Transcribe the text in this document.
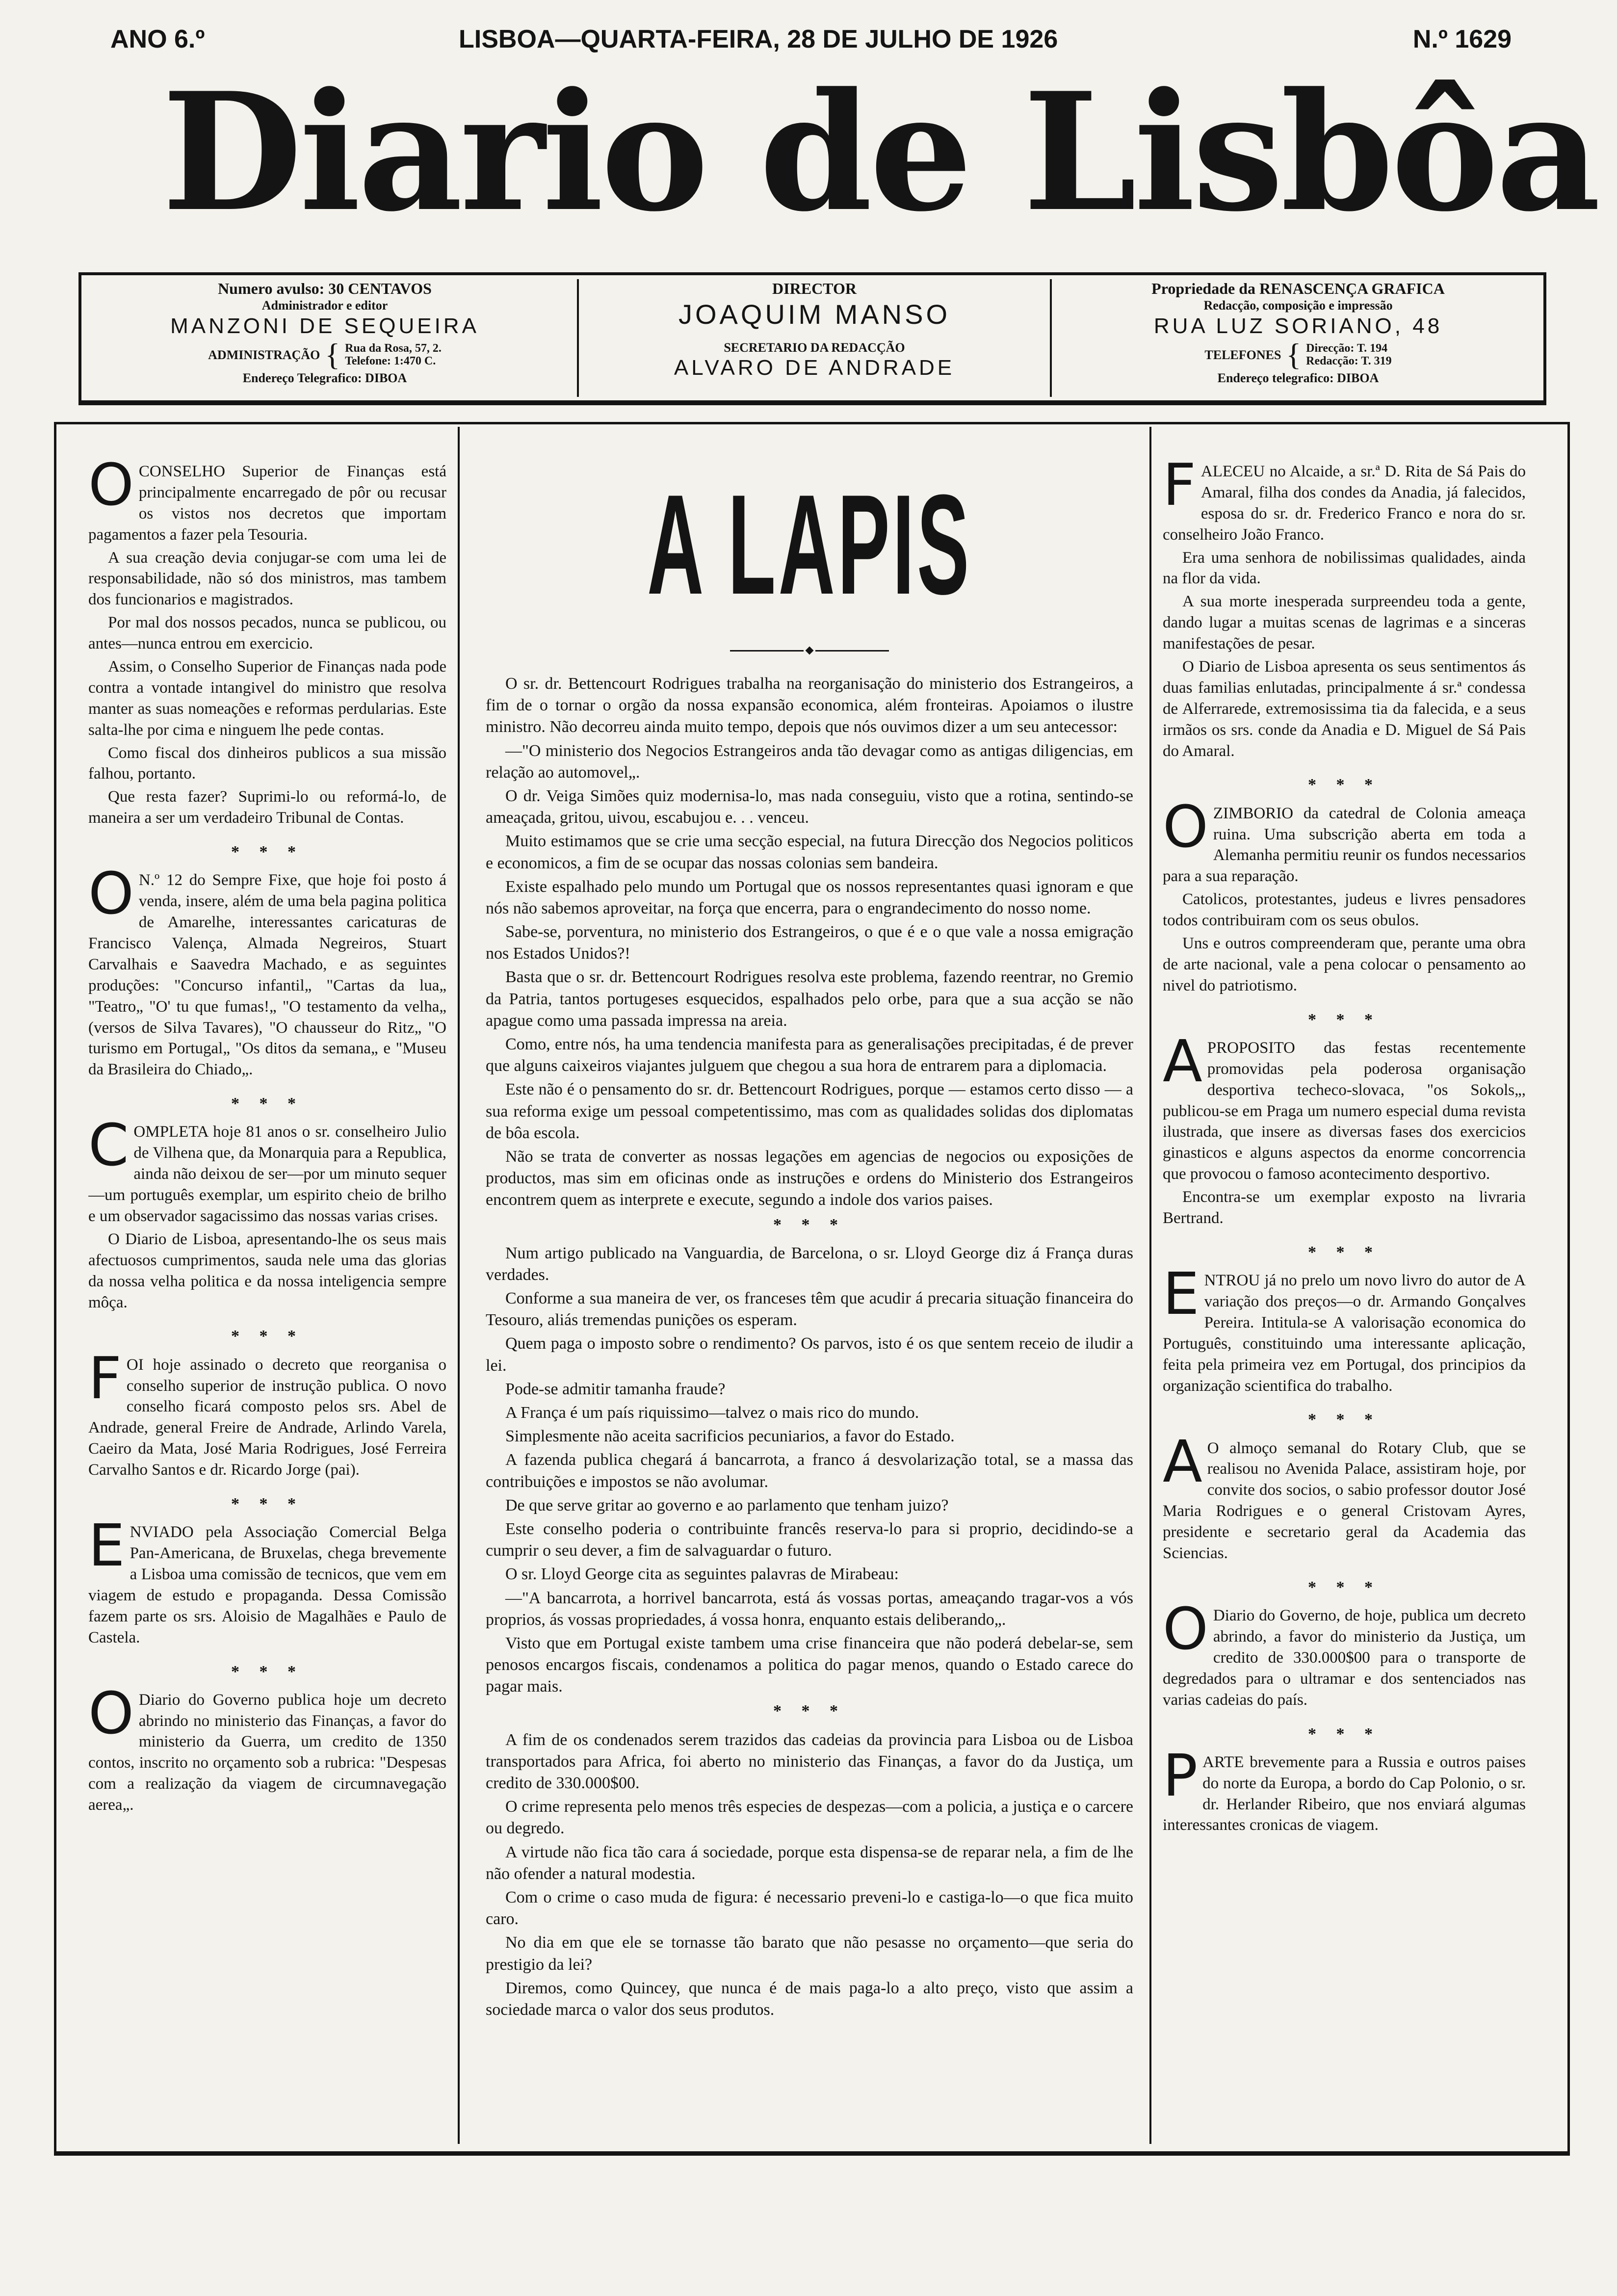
ANO 6.º	LISBOA—QUARTA-FEIRA, 28 DE JULHO DE 1926	N.º 1629
Diario de Lisbôa
Numero avulso: 30 CENTAVOS
Administrador e editor
MANZONI DE SEQUEIRA
ADMINISTRAÇÃO { Rua da Rosa, 57, 2.
Telefone: 1:470 C.
Endereço Telegrafico: DIBOA
DIRECTOR
JOAQUIM MANSO
SECRETARIO DA REDACÇÃO
ALVARO DE ANDRADE
Propriedade da RENASCENÇA GRAFICA
Redacção, composição e impressão
RUA LUZ SORIANO, 48
TELEFONES { Direcção: T. 194
Redacção: T. 319
Endereço telegrafico: DIBOA
O CONSELHO Superior de Finanças está principalmente encarregado de pôr ou recusar os vistos nos decretos que importam pagamentos a fazer pela Tesouria.

A sua creação devia conjugar-se com uma lei de responsabilidade, não só dos ministros, mas tambem dos funcionarios e magistrados.

Por mal dos nossos pecados, nunca se publicou, ou antes—nunca entrou em exercicio.

Assim, o Conselho Superior de Finanças nada pode contra a vontade intangivel do ministro que resolva manter as suas nomeações e reformas perdularias. Este salta-lhe por cima e ninguem lhe pede contas.

Como fiscal dos dinheiros publicos a sua missão falhou, portanto.

Que resta fazer? Suprimi-lo ou reformá-lo, de maneira a ser um verdadeiro Tribunal de Contas.

* * *
O N.º 12 do Sempre Fixe, que hoje foi posto á venda, insere, além de uma bela pagina politica de Amarelhe, interessantes caricaturas de Francisco Valença, Almada Negreiros, Stuart Carvalhais e Saavedra Machado, e as seguintes produções: "Concurso infantil„ "Cartas da lua„ "Teatro„ "O' tu que fumas!„ "O testamento da velha„ (versos de Silva Tavares), "O chausseur do Ritz„ "O turismo em Portugal„ "Os ditos da semana„ e "Museu da Brasileira do Chiado„.

* * *
C OMPLETA hoje 81 anos o sr. conselheiro Julio de Vilhena que, da Monarquia para a Republica, ainda não deixou de ser—por um minuto sequer—um português exemplar, um espirito cheio de brilho e um observador sagacissimo das nossas varias crises.

O Diario de Lisboa, apresentando-lhe os seus mais afectuosos cumprimentos, sauda nele uma das glorias da nossa velha politica e da nossa inteligencia sempre môça.

* * *
F OI hoje assinado o decreto que reorganisa o conselho superior de instrução publica. O novo conselho ficará composto pelos srs. Abel de Andrade, general Freire de Andrade, Arlindo Varela, Caeiro da Mata, José Maria Rodrigues, José Ferreira Carvalho Santos e dr. Ricardo Jorge (pai).

* * *
E NVIADO pela Associação Comercial Belga Pan-Americana, de Bruxelas, chega brevemente a Lisboa uma comissão de tecnicos, que vem em viagem de estudo e propaganda. Dessa Comissão fazem parte os srs. Aloisio de Magalhães e Paulo de Castela.

* * *
O Diario do Governo publica hoje um decreto abrindo no ministerio das Finanças, a favor do ministerio da Guerra, um credito de 1350 contos, inscrito no orçamento sob a rubrica: "Despesas com a realização da viagem de circumnavegação aerea„.

A LAPIS

O sr. dr. Bettencourt Rodrigues trabalha na reorganisação do ministerio dos Estrangeiros, a fim de o tornar o orgão da nossa expansão economica, além fronteiras. Apoiamos o ilustre ministro. Não decorreu ainda muito tempo, depois que nós ouvimos dizer a um seu antecessor:

—"O ministerio dos Negocios Estrangeiros anda tão devagar como as antigas diligencias, em relação ao automovel„.

O dr. Veiga Simões quiz modernisa-lo, mas nada conseguiu, visto que a rotina, sentindo-se ameaçada, gritou, uivou, escabujou e. . . venceu.

Muito estimamos que se crie uma secção especial, na futura Direcção dos Negocios politicos e economicos, a fim de se ocupar das nossas colonias sem bandeira.

Existe espalhado pelo mundo um Portugal que os nossos representantes quasi ignoram e que nós não sabemos aproveitar, na força que encerra, para o engrandecimento do nosso nome.

Sabe-se, porventura, no ministerio dos Estrangeiros, o que é e o que vale a nossa emigração nos Estados Unidos?!

Basta que o sr. dr. Bettencourt Rodrigues resolva este problema, fazendo reentrar, no Gremio da Patria, tantos portugeses esquecidos, espalhados pelo orbe, para que a sua acção se não apague como uma passada impressa na areia.

Como, entre nós, ha uma tendencia manifesta para as generalisações precipitadas, é de prever que alguns caixeiros viajantes julguem que chegou a sua hora de entrarem para a diplomacia.

Este não é o pensamento do sr. dr. Bettencourt Rodrigues, porque — estamos certo disso — a sua reforma exige um pessoal competentissimo, mas com as qualidades solidas dos diplomatas de bôa escola.

Não se trata de converter as nossas legações em agencias de negocios ou exposições de productos, mas sim em oficinas onde as instruções e ordens do Ministerio dos Estrangeiros encontrem quem as interprete e execute, segundo a indole dos varios paises.

* * *

Num artigo publicado na Vanguardia, de Barcelona, o sr. Lloyd George diz á França duras verdades.

Conforme a sua maneira de ver, os franceses têm que acudir á precaria situação financeira do Tesouro, aliás tremendas punições os esperam.

Quem paga o imposto sobre o rendimento? Os parvos, isto é os que sentem receio de iludir a lei.

Pode-se admitir tamanha fraude?

A França é um país riquissimo—talvez o mais rico do mundo.

Simplesmente não aceita sacrificios pecuniarios, a favor do Estado.

A fazenda publica chegará á bancarrota, a franco á desvolarização total, se a massa das contribuições e impostos se não avolumar.

De que serve gritar ao governo e ao parlamento que tenham juizo?

Este conselho poderia o contribuinte francês reserva-lo para si proprio, decidindo-se a cumprir o seu dever, a fim de salvaguardar o futuro.

O sr. Lloyd George cita as seguintes palavras de Mirabeau:

—"A bancarrota, a horrivel bancarrota, está ás vossas portas, ameaçando tragar-vos a vós proprios, ás vossas propriedades, á vossa honra, enquanto estais deliberando„.

Visto que em Portugal existe tambem uma crise financeira que não poderá debelar-se, sem penosos encargos fiscais, condenamos a politica do pagar menos, quando o Estado carece do pagar mais.

* * *

A fim de os condenados serem trazidos das cadeias da provincia para Lisboa ou de Lisboa transportados para Africa, foi aberto no ministerio das Finanças, a favor do da Justiça, um credito de 330.000$00.

O crime representa pelo menos três especies de despezas—com a policia, a justiça e o carcere ou degredo.

A virtude não fica tão cara á sociedade, porque esta dispensa-se de reparar nela, a fim de lhe não ofender a natural modestia.

Com o crime o caso muda de figura: é necessario preveni-lo e castiga-lo—o que fica muito caro.

No dia em que ele se tornasse tão barato que não pesasse no orçamento—que seria do prestigio da lei?

Diremos, como Quincey, que nunca é de mais paga-lo a alto preço, visto que assim a sociedade marca o valor dos seus produtos.

F ALECEU no Alcaide, a sr.ª D. Rita de Sá Pais do Amaral, filha dos condes da Anadia, já falecidos, esposa do sr. dr. Frederico Franco e nora do sr. conselheiro João Franco.

Era uma senhora de nobilissimas qualidades, ainda na flor da vida.

A sua morte inesperada surpreendeu toda a gente, dando lugar a muitas scenas de lagrimas e a sinceras manifestações de pesar.

O Diario de Lisboa apresenta os seus sentimentos ás duas familias enlutadas, principalmente á sr.ª condessa de Alferrarede, extremosissima tia da falecida, e a seus irmãos os srs. conde da Anadia e D. Miguel de Sá Pais do Amaral.

* * *
O ZIMBORIO da catedral de Colonia ameaça ruina. Uma subscrição aberta em toda a Alemanha permitiu reunir os fundos necessarios para a sua reparação.

Catolicos, protestantes, judeus e livres pensadores todos contribuiram com os seus obulos.

Uns e outros compreenderam que, perante uma obra de arte nacional, vale a pena colocar o pensamento ao nivel do patriotismo.

* * *
A PROPOSITO das festas recentemente promovidas pela poderosa organisação desportiva techeco-slovaca, "os Sokols„, publicou-se em Praga um numero especial duma revista ilustrada, que insere as diversas fases dos exercicios ginasticos e alguns aspectos da enorme concorrencia que provocou o famoso acontecimento desportivo.

Encontra-se um exemplar exposto na livraria Bertrand.

* * *
E NTROU já no prelo um novo livro do autor de A variação dos preços—o dr. Armando Gonçalves Pereira. Intitula-se A valorisação economica do Português, constituindo uma interessante aplicação, feita pela primeira vez em Portugal, dos principios da organização scientifica do trabalho.

* * *
A O almoço semanal do Rotary Club, que se realisou no Avenida Palace, assistiram hoje, por convite dos socios, o sabio professor doutor José Maria Rodrigues e o general Cristovam Ayres, presidente e secretario geral da Academia das Sciencias.

* * *
O Diario do Governo, de hoje, publica um decreto abrindo, a favor do ministerio da Justiça, um credito de 330.000$00 para o transporte de degredados para o ultramar e dos sentenciados nas varias cadeias do país.

* * *
P ARTE brevemente para a Russia e outros paises do norte da Europa, a bordo do Cap Polonio, o sr. dr. Herlander Ribeiro, que nos enviará algumas interessantes cronicas de viagem.
